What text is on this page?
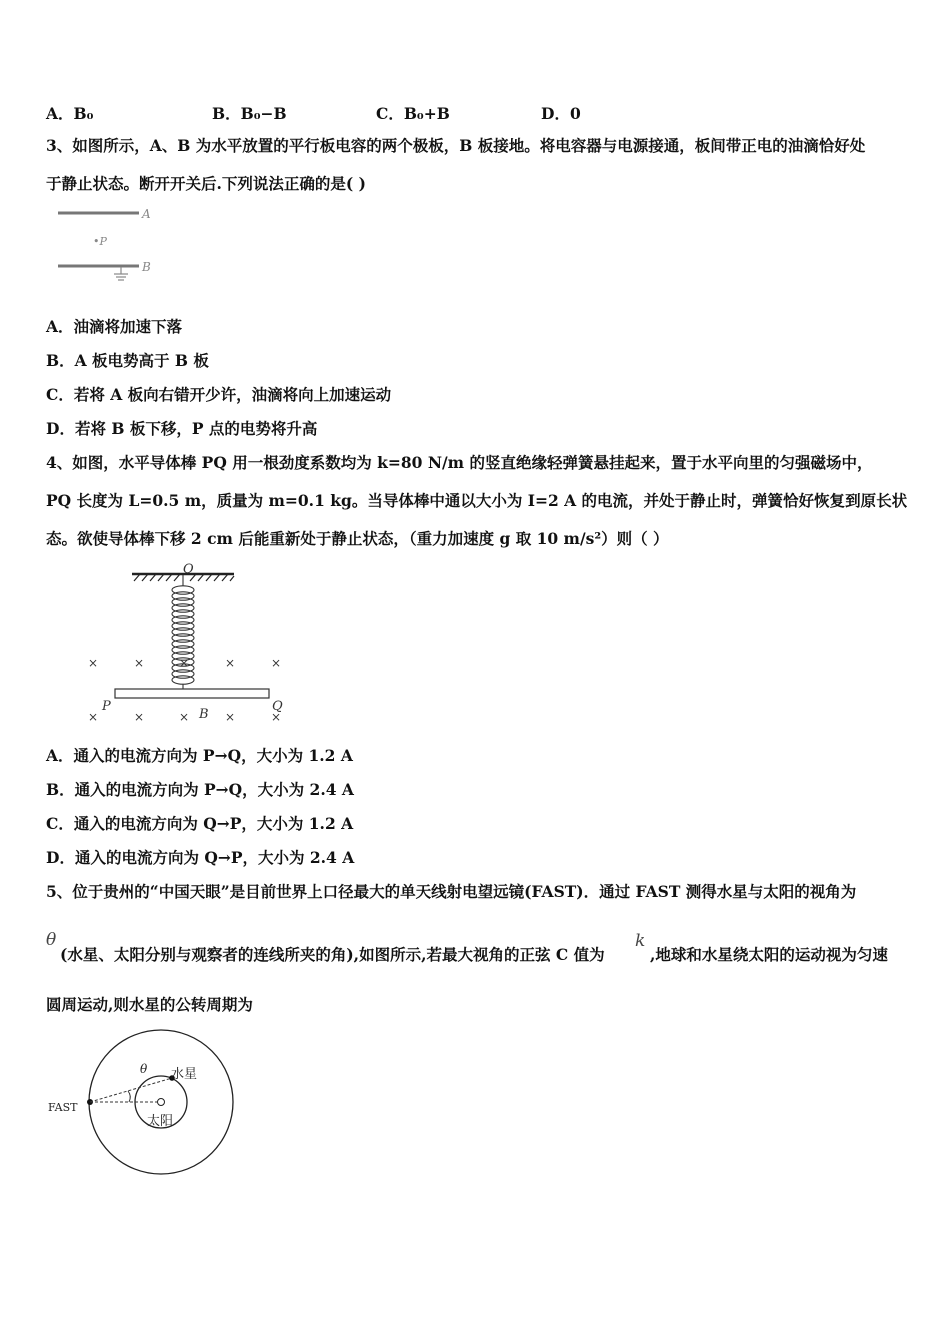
A．B₀	B．B₀−B	C．B₀+B	D．0
3、如图所示，A、B 为水平放置的平行板电容的两个极板，B 板接地。将电容器与电源接通，板间带正电的油滴恰好处
于静止状态。断开开关后.下列说法正确的是( )
A
•P
B
A．油滴将加速下落
B．A 板电势高于 B 板
C．若将 A 板向右错开少许，油滴将向上加速运动
D．若将 B 板下移，P 点的电势将升高
4、如图，水平导体棒 PQ 用一根劲度系数均为 k=80 N/m 的竖直绝缘轻弹簧悬挂起来，置于水平向里的匀强磁场中，
PQ 长度为 L=0.5 m，质量为 m=0.1 kg。当导体棒中通以大小为 I=2 A 的电流，并处于静止时，弹簧恰好恢复到原长状
态。欲使导体棒下移 2 cm 后能重新处于静止状态，（重力加速度 g 取 10 m/s²）则（ ）
O
P	Q
B
×	×	×	×	×
×	×	×	×	×
A．通入的电流方向为 P→Q，大小为 1.2 A
B．通入的电流方向为 P→Q，大小为 2.4 A
C．通入的电流方向为 Q→P，大小为 1.2 A
D．通入的电流方向为 Q→P，大小为 2.4 A
5、位于贵州的“中国天眼”是目前世界上口径最大的单天线射电望远镜(FAST)．通过 FAST 测得水星与太阳的视角为
θ
(水星、太阳分别与观察者的连线所夹的角),如图所示,若最大视角的正弦 C 值为
k
,地球和水星绕太阳的运动视为匀速
圆周运动,则水星的公转周期为
FAST
θ 水星
太阳
